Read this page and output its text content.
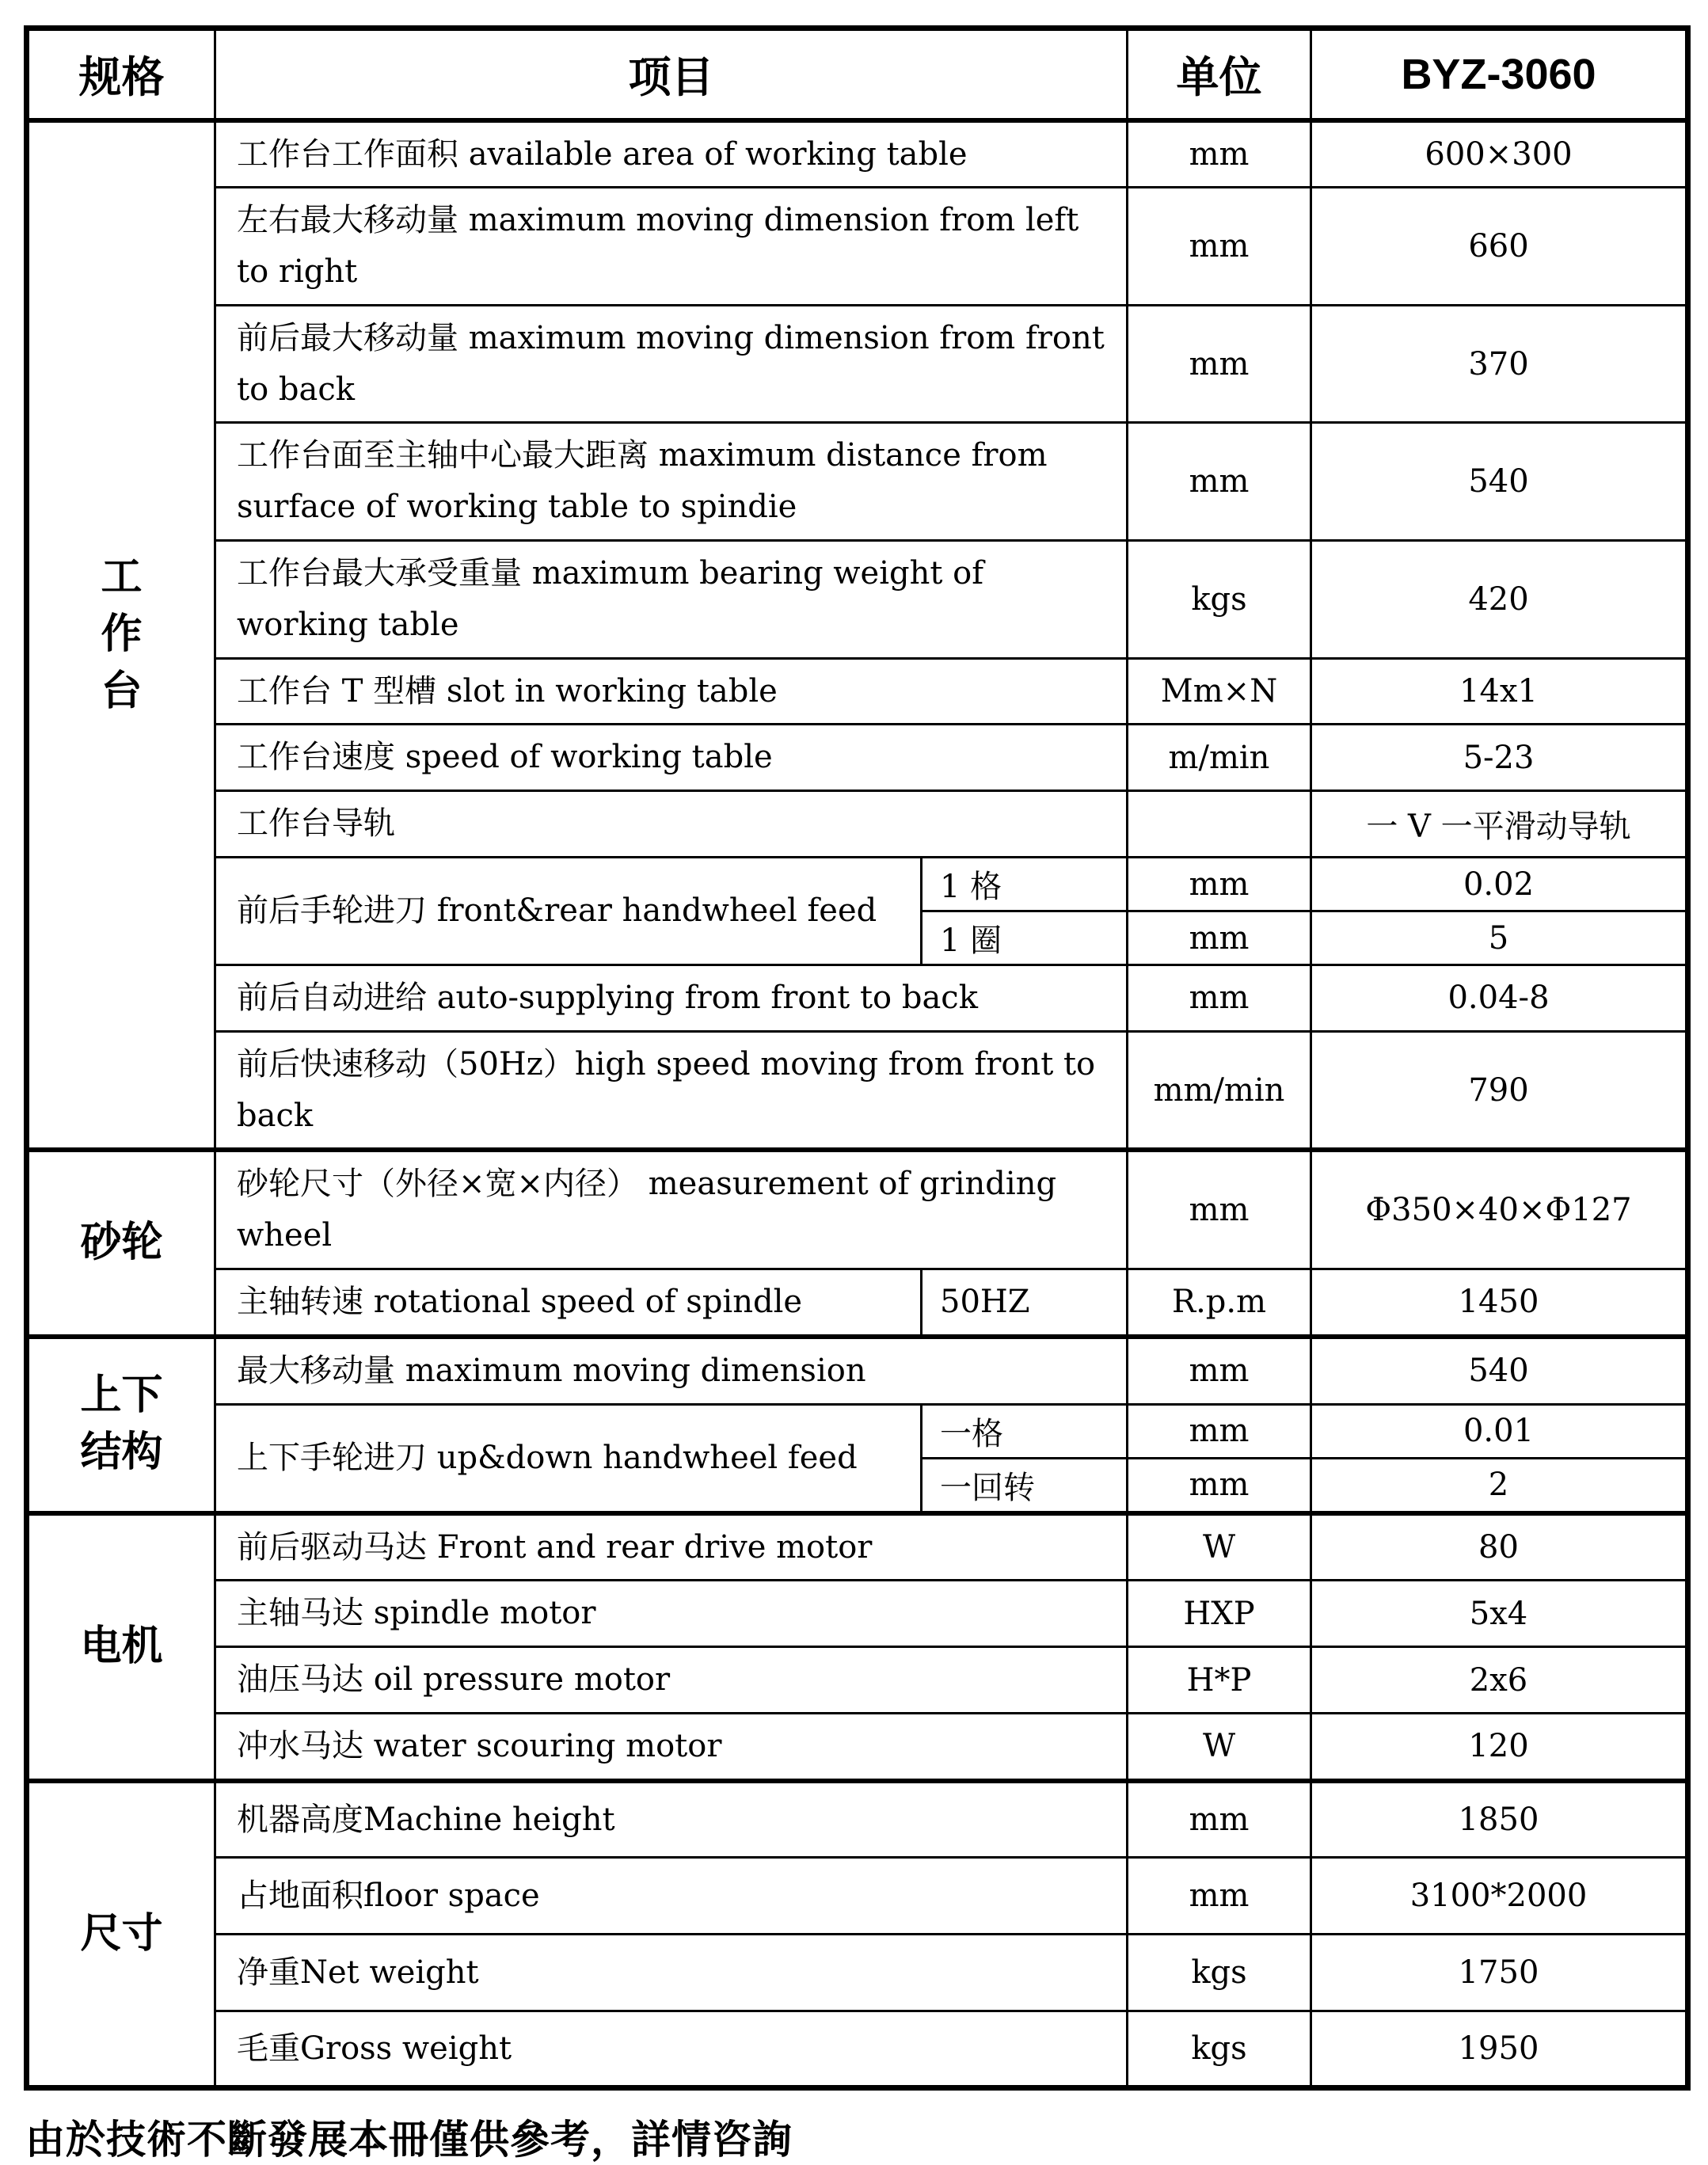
规格	项目		单位	BYZ-3060
工作台	工作台工作面积 available area of working table		mm	600×300
	左右最大移动量 maximum moving dimension from left to right		mm	660
	前后最大移动量 maximum moving dimension from front to back		mm	370
	工作台面至主轴中心最大距离 maximum distance from surface of working table to spindie		mm	540
	工作台最大承受重量 maximum bearing weight of working table		kgs	420
	工作台 T 型槽 slot in working table		Mm×N	14x1
	工作台速度 speed of working table		m/min	5-23
	工作台导轨			一 V 一平滑动导轨
	前后手轮进刀 front&rear handwheel feed	1 格	mm	0.02
		1 圈	mm	5
	前后自动进给 auto-supplying from front to back		mm	0.04-8
	前后快速移动（50Hz）high speed moving from front to back		mm/min	790
砂轮	砂轮尺寸（外径×宽×内径） measurement of grinding wheel		mm	Φ350×40×Φ127
	主轴转速 rotational speed of spindle	50HZ	R.p.m	1450
上下结构	最大移动量 maximum moving dimension		mm	540
	上下手轮进刀 up&down handwheel feed	一格	mm	0.01
		一回转	mm	2
电机	前后驱动马达 Front and rear drive motor		W	80
	主轴马达 spindle motor		HXP	5x4
	油压马达 oil pressure motor		H*P	2x6
	冲水马达 water scouring motor		W	120
尺寸	机器高度Machine height		mm	1850
	占地面积floor space		mm	3100*2000
	净重Net weight		kgs	1750
	毛重Gross weight		kgs	1950
由於技術不斷發展本冊僅供參考，詳情咨詢
